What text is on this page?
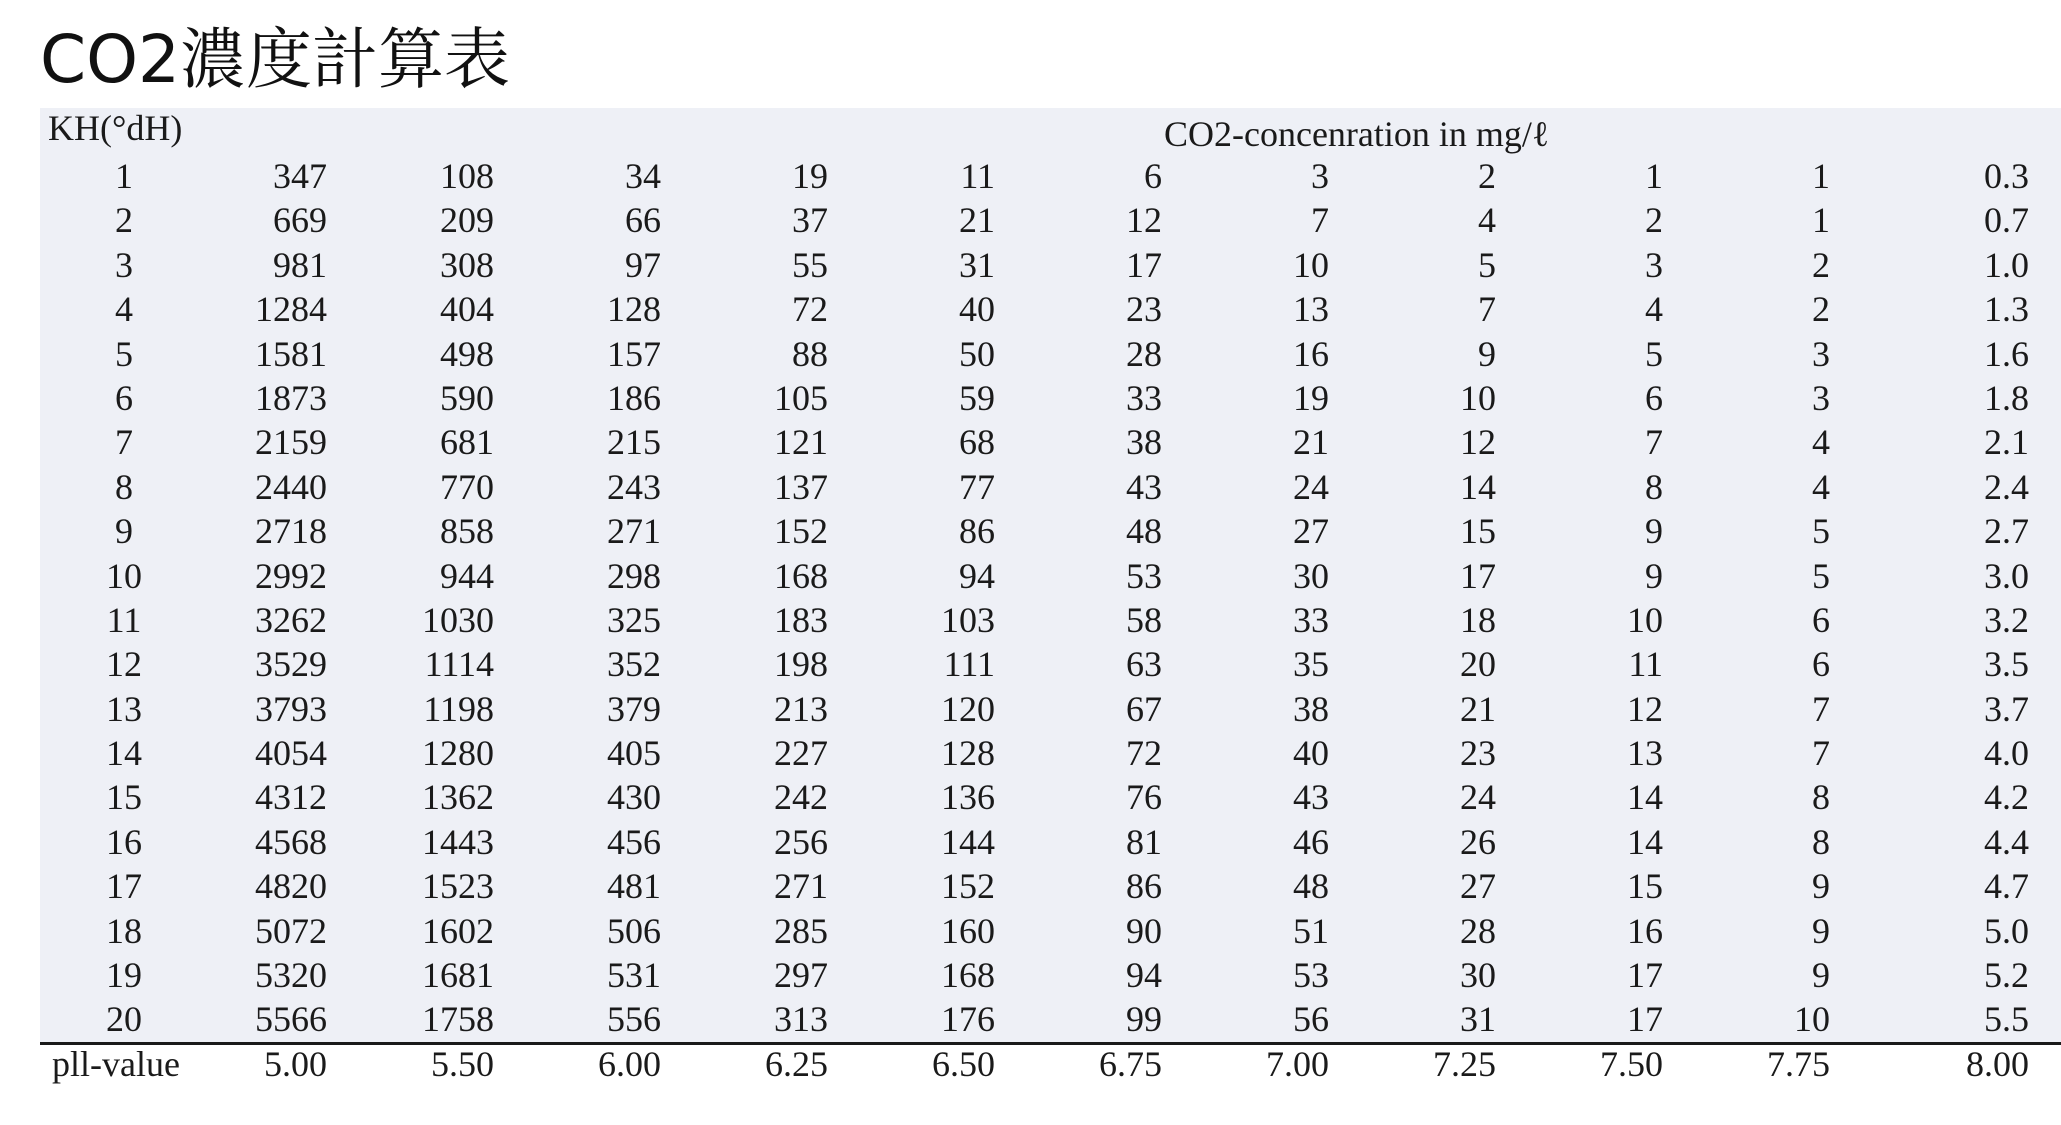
CO2濃度計算表
KH(°dH)	CO2-concenration in mg/ℓ
1	347	108	34	19	11	6	3	2	1	1	0.3
2	669	209	66	37	21	12	7	4	2	1	0.7
3	981	308	97	55	31	17	10	5	3	2	1.0
4	1284	404	128	72	40	23	13	7	4	2	1.3
5	1581	498	157	88	50	28	16	9	5	3	1.6
6	1873	590	186	105	59	33	19	10	6	3	1.8
7	2159	681	215	121	68	38	21	12	7	4	2.1
8	2440	770	243	137	77	43	24	14	8	4	2.4
9	2718	858	271	152	86	48	27	15	9	5	2.7
10	2992	944	298	168	94	53	30	17	9	5	3.0
11	3262	1030	325	183	103	58	33	18	10	6	3.2
12	3529	1114	352	198	111	63	35	20	11	6	3.5
13	3793	1198	379	213	120	67	38	21	12	7	3.7
14	4054	1280	405	227	128	72	40	23	13	7	4.0
15	4312	1362	430	242	136	76	43	24	14	8	4.2
16	4568	1443	456	256	144	81	46	26	14	8	4.4
17	4820	1523	481	271	152	86	48	27	15	9	4.7
18	5072	1602	506	285	160	90	51	28	16	9	5.0
19	5320	1681	531	297	168	94	53	30	17	9	5.2
20	5566	1758	556	313	176	99	56	31	17	10	5.5
pll-value	5.00	5.50	6.00	6.25	6.50	6.75	7.00	7.25	7.50	7.75	8.00
